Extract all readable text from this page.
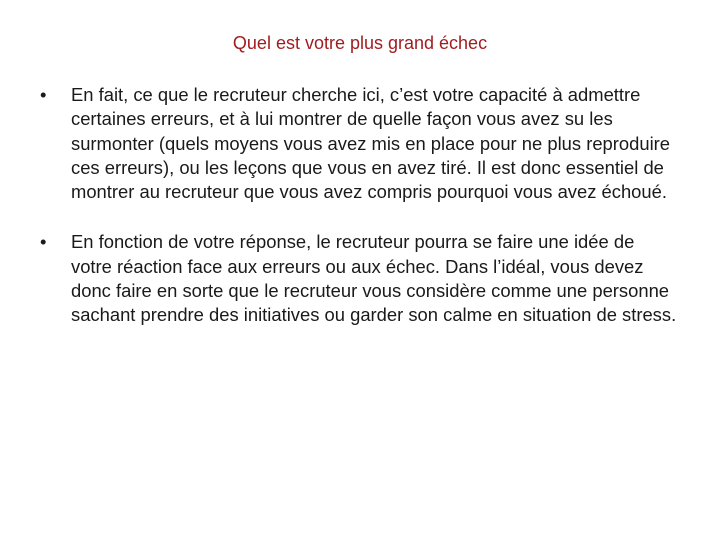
Quel est votre plus grand échec
•	En fait, ce que le recruteur cherche ici, c’est votre capacité à admettre certaines erreurs, et à lui montrer de quelle façon vous avez su les surmonter (quels moyens vous avez mis en place pour ne plus reproduire ces erreurs), ou les leçons que vous en avez tiré. Il est donc essentiel de montrer au recruteur que vous avez compris pourquoi vous avez échoué.
•	En fonction de votre réponse, le recruteur pourra se faire une idée de votre réaction face aux erreurs ou aux échec. Dans l’idéal, vous devez donc faire en sorte que le recruteur vous considère comme une personne sachant prendre des initiatives ou garder son calme en situation de stress.
